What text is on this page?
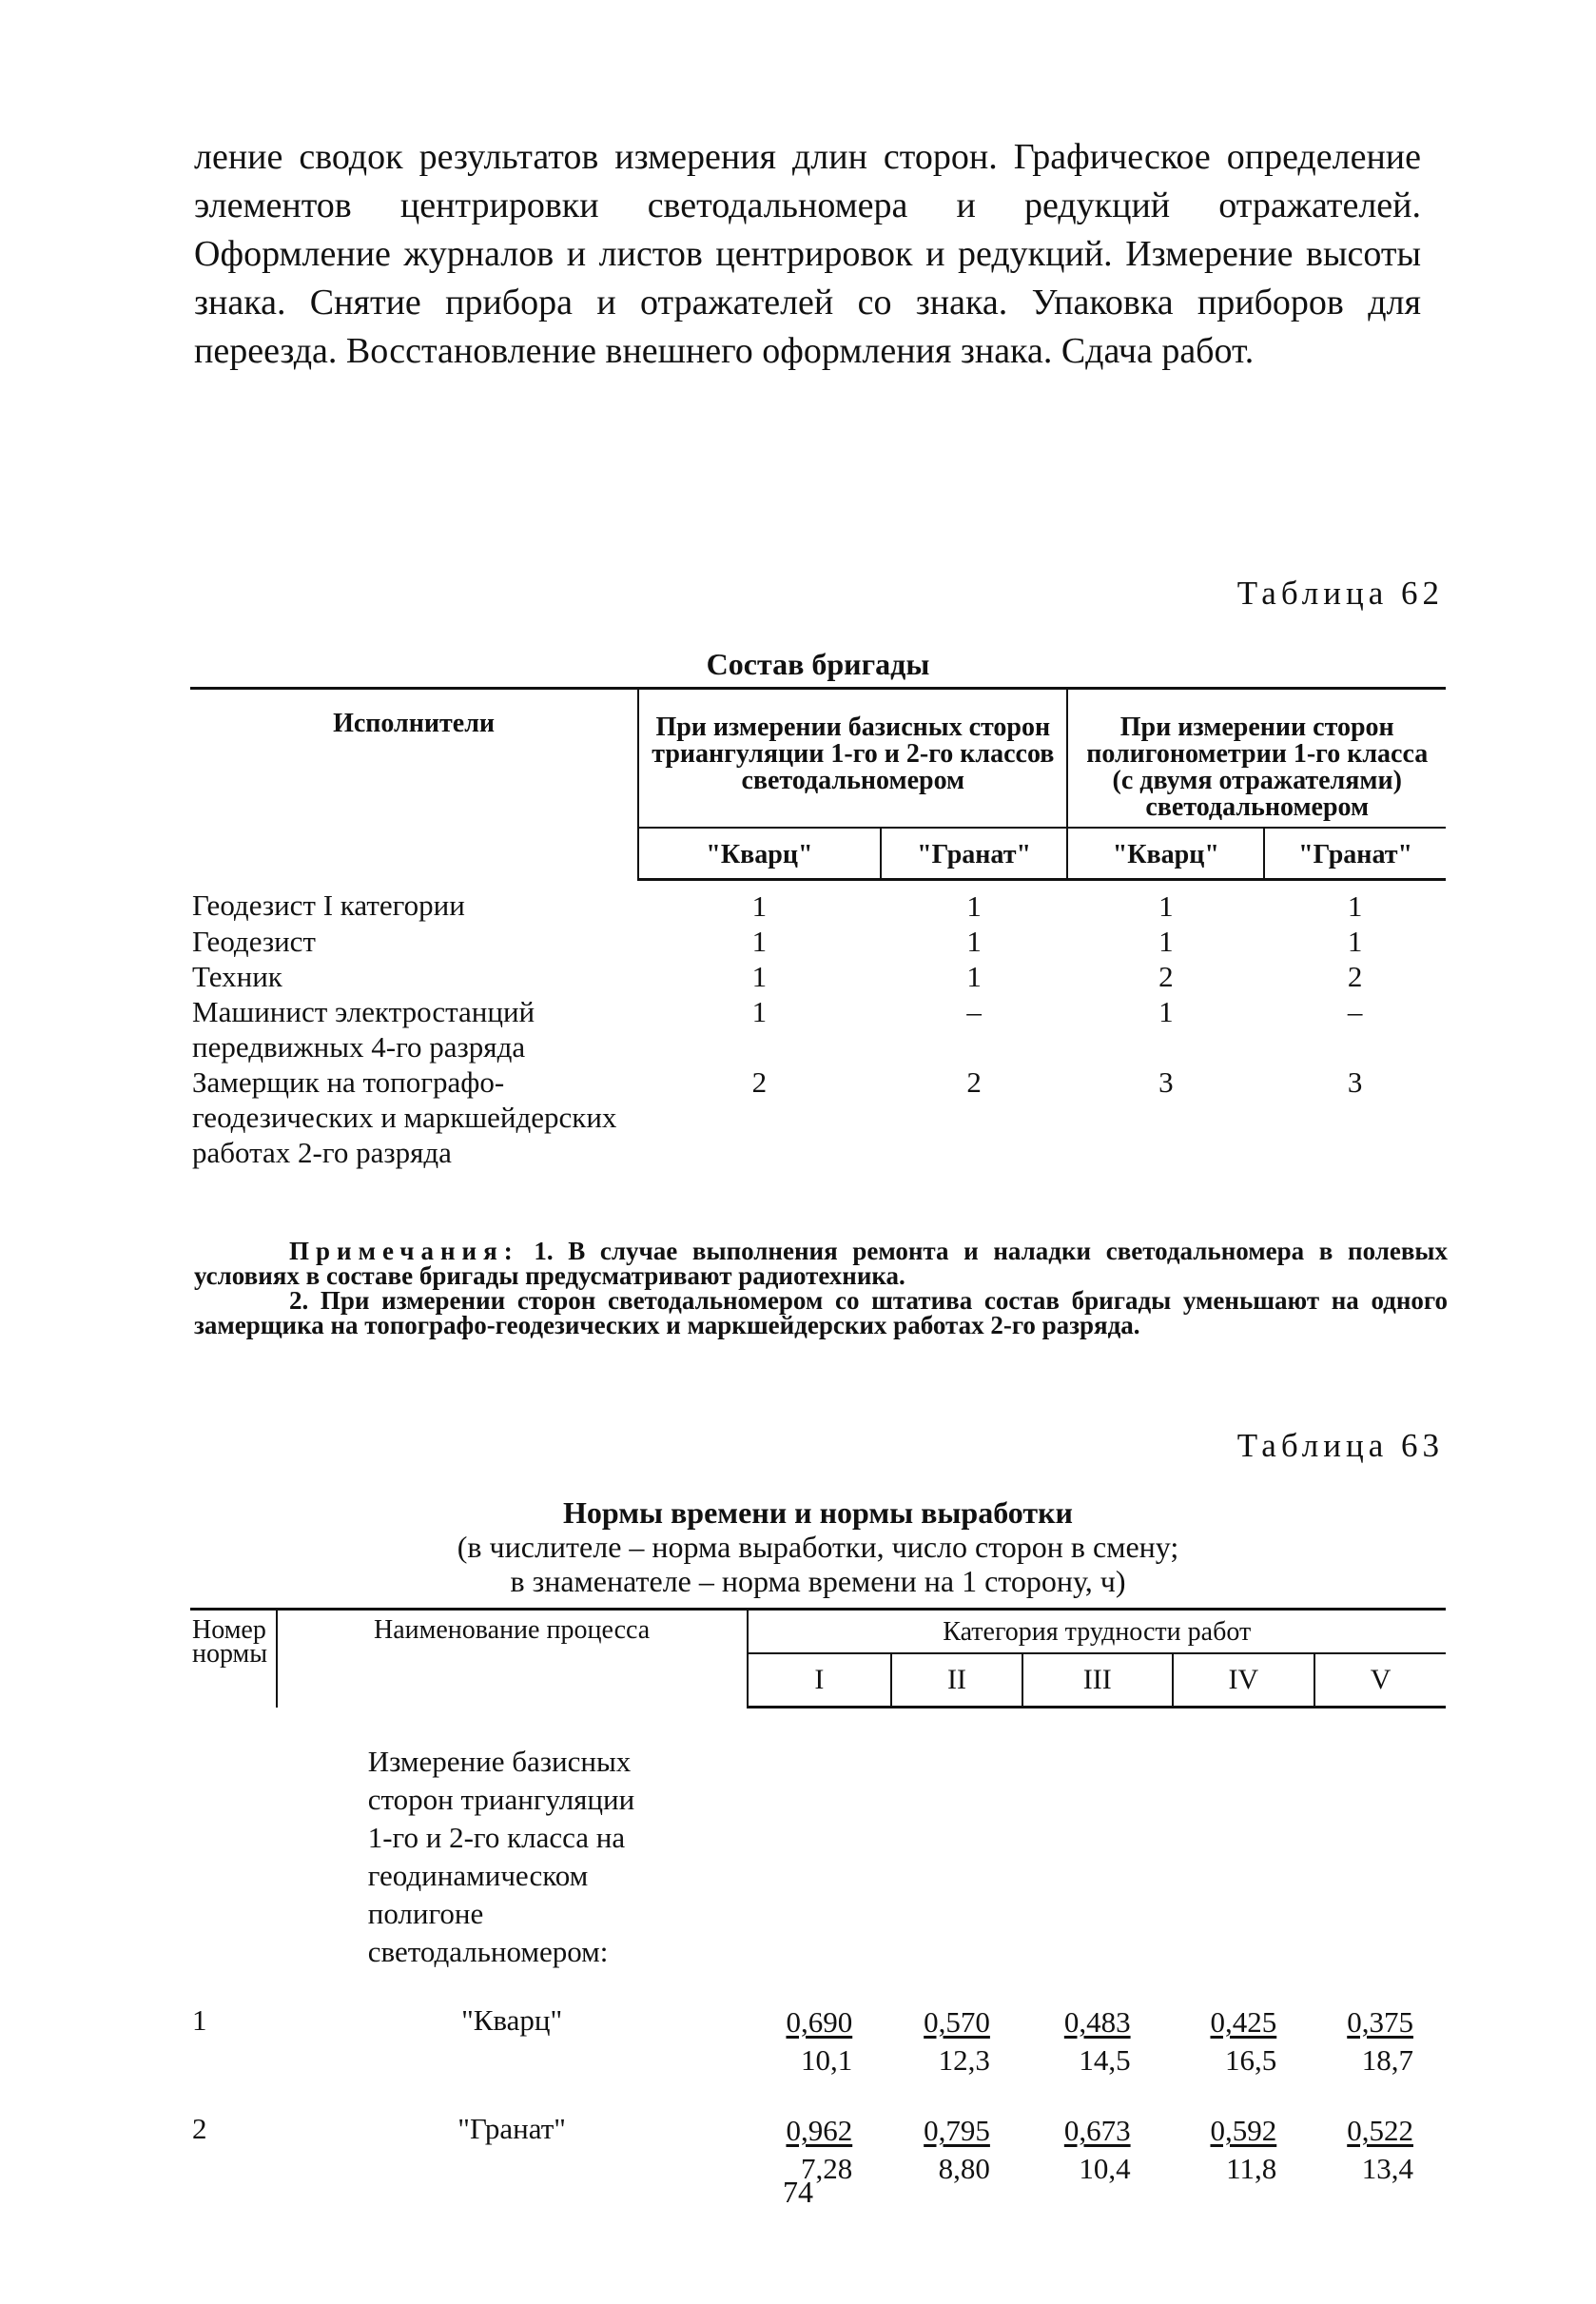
ление сводок результатов измерения длин сторон. Графическое определение элементов центрировки светодальномера и редукций отражателей. Оформление журналов и листов центрировок и редукций. Измерение высоты знака. Снятие прибора и отражателей со знака. Упаковка приборов для переезда. Восстановление внешнего оформления знака. Сдача работ.

Таблица 62
Состав бригады
Исполнители	При измерении базисных сторон триангуляции 1-го и 2-го классов светодальномером		При измерении сторон полигонометрии 1-го класса (с двумя отражателями) светодальномером	
	"Кварц"	"Гранат"	"Кварц"	"Гранат"
Геодезист I категории	1	1	1	1
Геодезист	1	1	1	1
Техник	1	1	2	2
Машинист электростанций передвижных 4-го разряда	1	–	1	–
Замерщик на топографо-геодезических и маркшейдерских работах 2-го разряда	2	2	3	3

Примечания: 1. В случае выполнения ремонта и наладки светодальномера в полевых условиях в составе бригады предусматривают радиотехника.

2. При измерении сторон светодальномером со штатива состав бригады уменьшают на одного замерщика на топографо-геодезических и маркшейдерских работах 2-го разряда.

Таблица 63
Нормы времени и нормы выработки
(в числителе – норма выработки, число сторон в смену;
в знаменателе – норма времени на 1 сторону, ч)
Номер нормы	Наименование процесса	Категория трудности работ				
		I	II	III	IV	V
	Измерение базисных сторон триангуляции 1-го и 2-го класса на геодинамическом полигоне светодальномером:					
1	"Кварц"	$\frac{0,690}{10,1}$	$\frac{0,570}{12,3}$	$\frac{0,483}{14,5}$	$\frac{0,425}{16,5}$	$\frac{0,375}{18,7}$

2	"Гранат"	$\frac{0,962}{7,28}$	$\frac{0,795}{8,80}$	$\frac{0,673}{10,4}$	$\frac{0,592}{11,8}$	$\frac{0,522}{13,4}$
74
